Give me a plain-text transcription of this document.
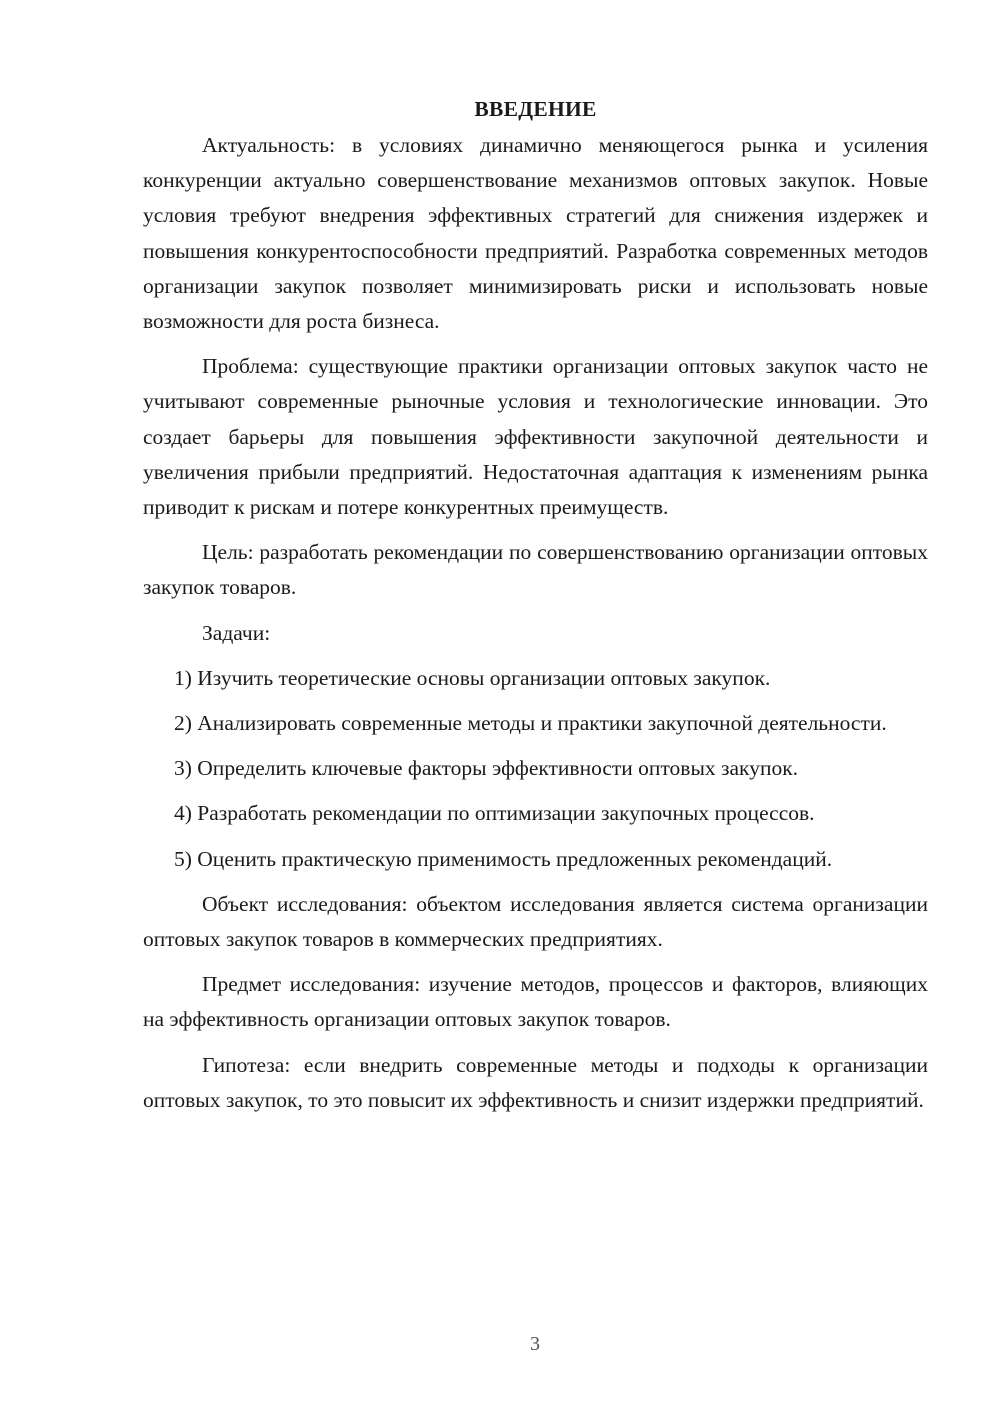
ВВЕДЕНИЕ

Актуальность: в условиях динамично меняющегося рынка и усиления конкуренции актуально совершенствование механизмов оптовых закупок. Новые условия требуют внедрения эффективных стратегий для снижения издержек и повышения конкурентоспособности предприятий. Разработка современных методов организации закупок позволяет минимизировать риски и использовать новые возможности для роста бизнеса.

Проблема: существующие практики организации оптовых закупок часто не учитывают современные рыночные условия и технологические инновации. Это создает барьеры для повышения эффективности закупочной деятельности и увеличения прибыли предприятий. Недостаточная адаптация к изменениям рынка приводит к рискам и потере конкурентных преимуществ.

Цель: разработать рекомендации по совершенствованию организации оптовых закупок товаров.

Задачи:

1) Изучить теоретические основы организации оптовых закупок.

2) Анализировать современные методы и практики закупочной деятельности.

3) Определить ключевые факторы эффективности оптовых закупок.

4) Разработать рекомендации по оптимизации закупочных процессов.

5) Оценить практическую применимость предложенных рекомендаций.

Объект исследования: объектом исследования является система организации оптовых закупок товаров в коммерческих предприятиях.

Предмет исследования: изучение методов, процессов и факторов, влияющих на эффективность организации оптовых закупок товаров.

Гипотеза: если внедрить современные методы и подходы к организации оптовых закупок, то это повысит их эффективность и снизит издержки предприятий.

3
